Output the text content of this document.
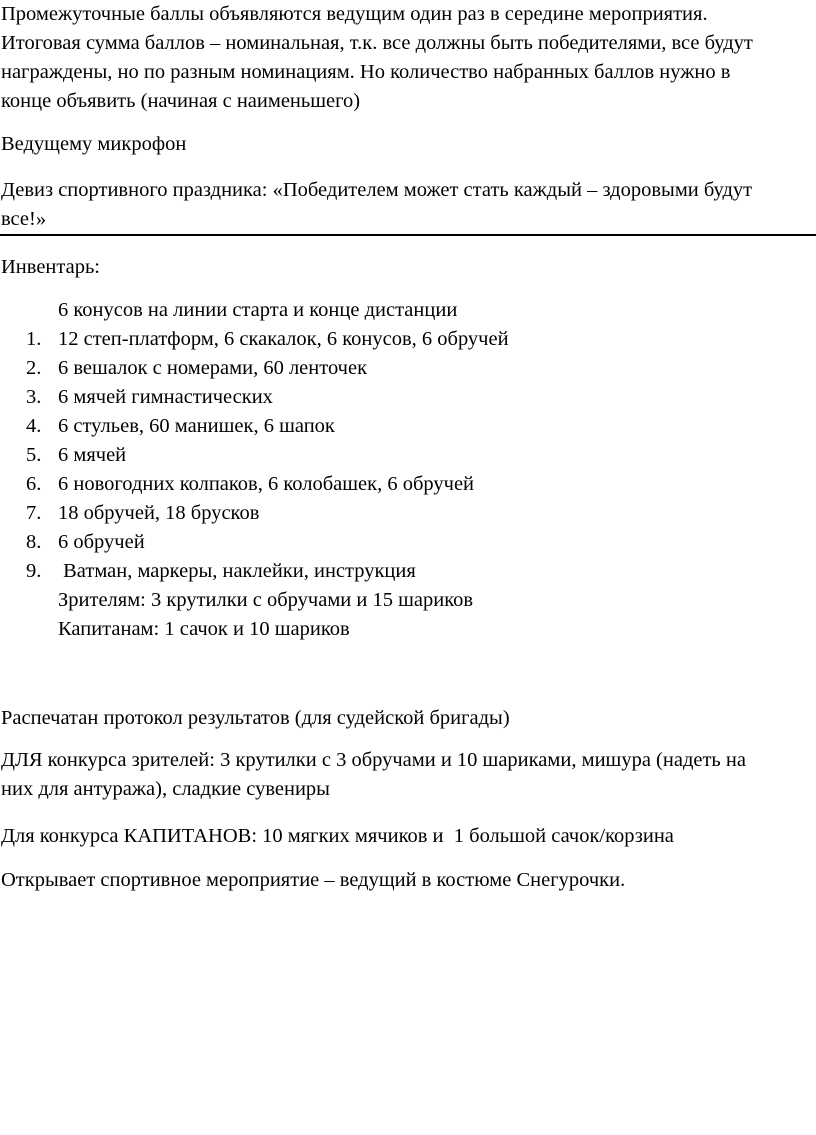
Промежуточные баллы объявляются ведущим один раз в середине мероприятия.
Итоговая сумма баллов – номинальная, т.к. все должны быть победителями, все будут
награждены, но по разным номинациям. Но количество набранных баллов нужно в
конце объявить (начиная с наименьшего)

Ведущему микрофон

Девиз спортивного праздника: «Победителем может стать каждый – здоровыми будут
все!»

Инвентарь:

6 конусов на линии старта и конце дистанции
1. 12 степ-платформ, 6 скакалок, 6 конусов, 6 обручей
2. 6 вешалок с номерами, 60 ленточек
3. 6 мячей гимнастических
4. 6 стульев, 60 манишек, 6 шапок
5. 6 мячей
6. 6 новогодних колпаков, 6 колобашек, 6 обручей
7. 18 обручей, 18 брусков
8. 6 обручей
9. Ватман, маркеры, наклейки, инструкция
Зрителям: 3 крутилки с обручами и 15 шариков
Капитанам: 1 сачок и 10 шариков

Распечатан протокол результатов (для судейской бригады)

ДЛЯ конкурса зрителей: 3 крутилки с 3 обручами и 10 шариками, мишура (надеть на
них для антуража), сладкие сувениры

Для конкурса КАПИТАНОВ: 10 мягких мячиков и  1 большой сачок/корзина

Открывает спортивное мероприятие – ведущий в костюме Снегурочки.
